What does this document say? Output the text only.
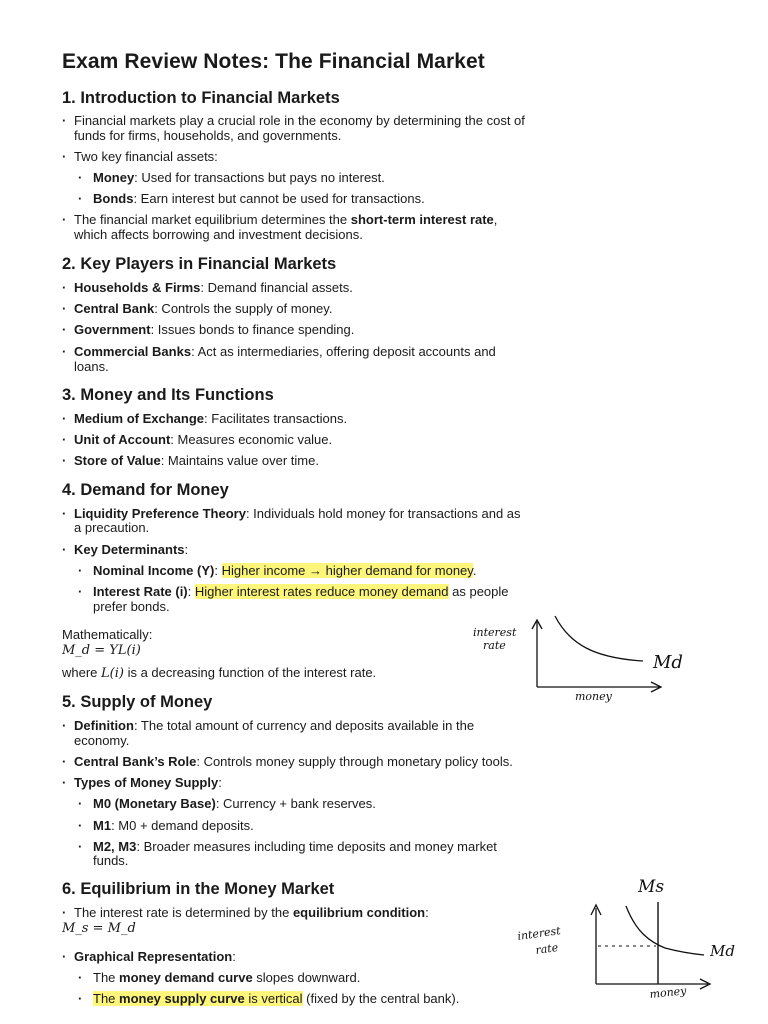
Exam Review Notes: The Financial Market
1. Introduction to Financial Markets
· Financial markets play a crucial role in the economy by determining the cost of
funds for firms, households, and governments.
· Two key financial assets:
· Money: Used for transactions but pays no interest.
· Bonds: Earn interest but cannot be used for transactions.
· The financial market equilibrium determines the short-term interest rate,
which affects borrowing and investment decisions.
2. Key Players in Financial Markets
· Households & Firms: Demand financial assets.
· Central Bank: Controls the supply of money.
· Government: Issues bonds to finance spending.
· Commercial Banks: Act as intermediaries, offering deposit accounts and
loans.
3. Money and Its Functions
· Medium of Exchange: Facilitates transactions.
· Unit of Account: Measures economic value.
· Store of Value: Maintains value over time.
4. Demand for Money
· Liquidity Preference Theory: Individuals hold money for transactions and as
a precaution.
· Key Determinants:
· Nominal Income (Y): Higher income → higher demand for money.
· Interest Rate (i): Higher interest rates reduce money demand as people
prefer bonds.
Mathematically:
M_d = YL(i)
where L(i) is a decreasing function of the interest rate.
interest
rate
Md
money
5. Supply of Money
· Definition: The total amount of currency and deposits available in the
economy.
· Central Bank’s Role: Controls money supply through monetary policy tools.
· Types of Money Supply:
· M0 (Monetary Base): Currency + bank reserves.
· M1: M0 + demand deposits.
· M2, M3: Broader measures including time deposits and money market
funds.
6. Equilibrium in the Money Market
· The interest rate is determined by the equilibrium condition:
M_s = M_d
· Graphical Representation:
· The money demand curve slopes downward.
· The money supply curve is vertical (fixed by the central bank).
Ms
interest
rate	Md
money
